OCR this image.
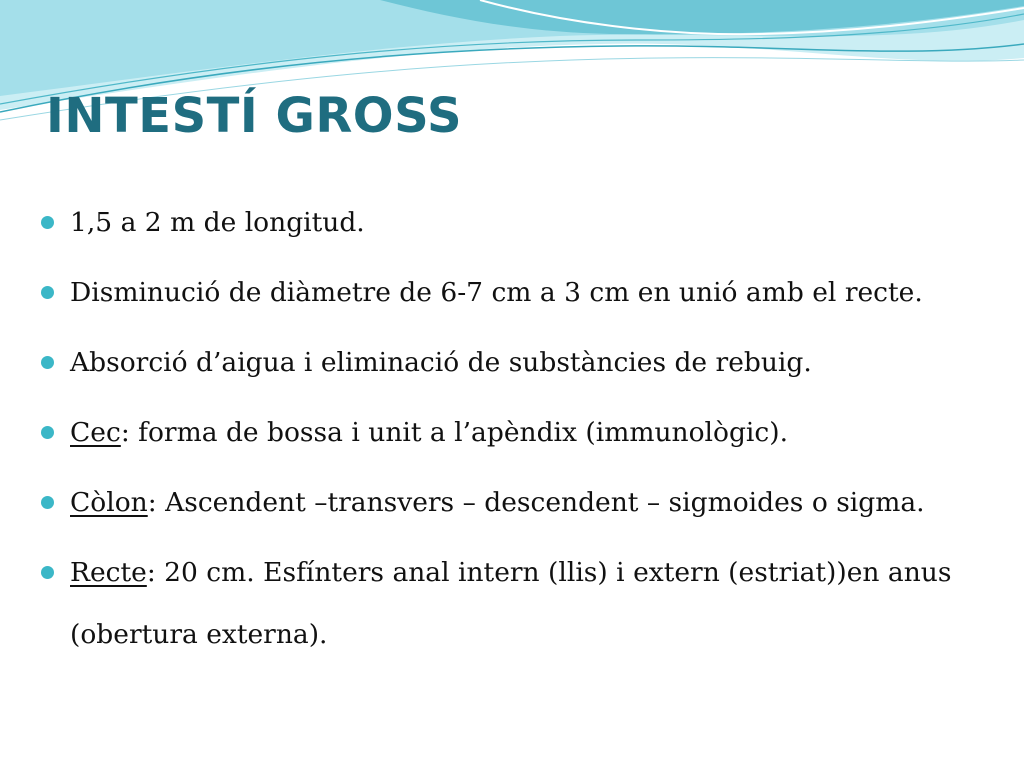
INTESTÍ GROSS
1,5 a 2 m de longitud.
Disminució de diàmetre de 6-7 cm a 3 cm en unió amb el recte.
Absorció d’aigua i eliminació de substàncies de rebuig.
Cec: forma de bossa i unit a l’apèndix (immunològic).
Còlon: Ascendent –transvers – descendent – sigmoides o sigma.
Recte: 20 cm. Esfínters anal intern (llis) i extern (estriat))en anus (obertura externa).
